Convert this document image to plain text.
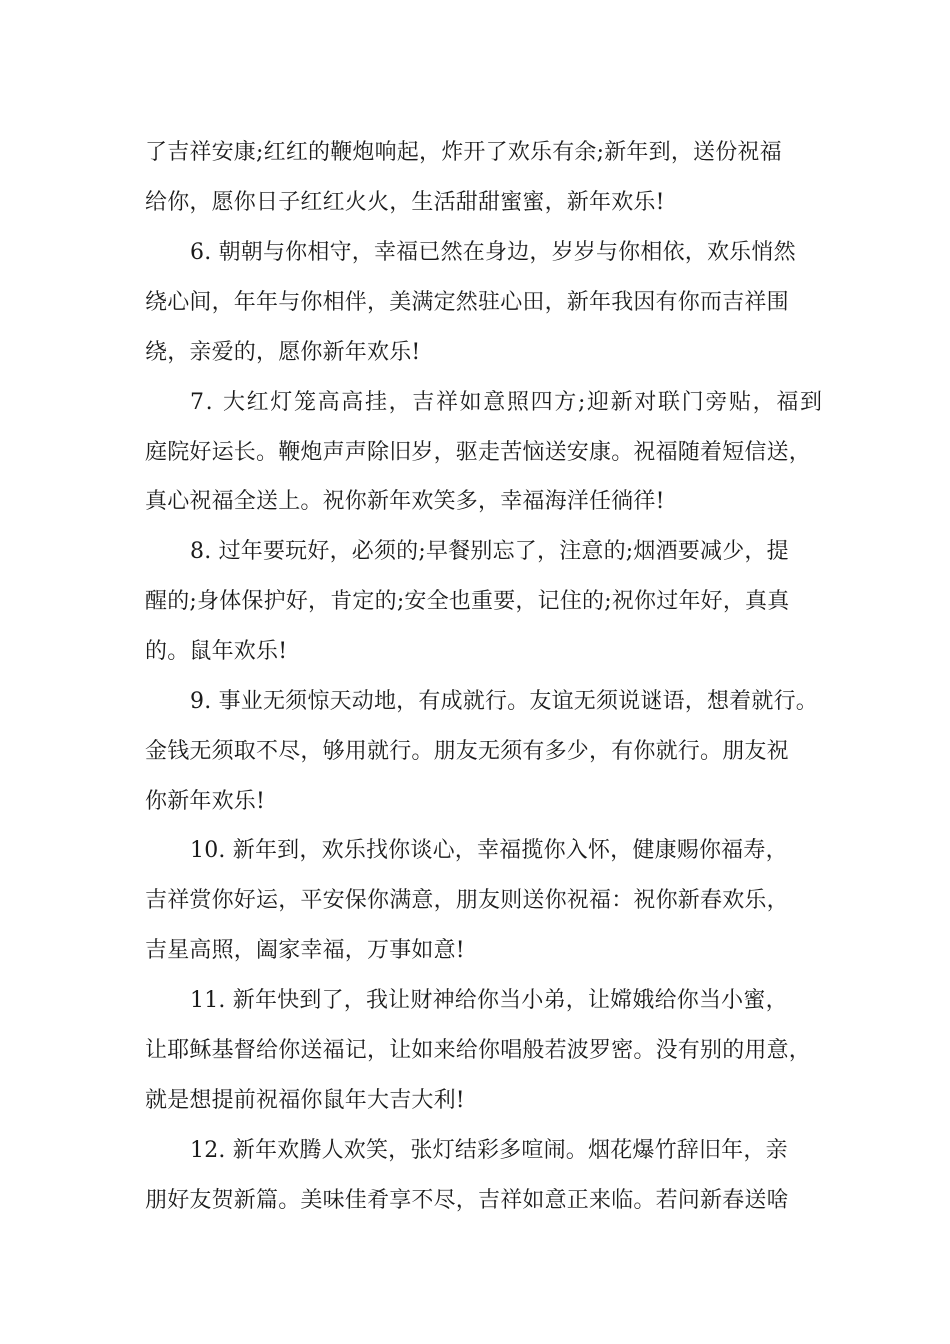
了吉祥安康;红红的鞭炮响起，炸开了欢乐有余;新年到，送份祝福
给你，愿你日子红红火火，生活甜甜蜜蜜，新年欢乐!
6. 朝朝与你相守，幸福已然在身边，岁岁与你相依，欢乐悄然
绕心间，年年与你相伴，美满定然驻心田，新年我因有你而吉祥围
绕，亲爱的，愿你新年欢乐!
7. 大红灯笼高高挂，吉祥如意照四方;迎新对联门旁贴，福到
庭院好运长。鞭炮声声除旧岁，驱走苦恼送安康。祝福随着短信送，
真心祝福全送上。祝你新年欢笑多，幸福海洋任徜徉!
8. 过年要玩好，必须的;早餐别忘了，注意的;烟酒要减少，提
醒的;身体保护好，肯定的;安全也重要，记住的;祝你过年好，真真
的。鼠年欢乐!
9. 事业无须惊天动地，有成就行。友谊无须说谜语，想着就行。
金钱无须取不尽，够用就行。朋友无须有多少，有你就行。朋友祝
你新年欢乐!
10. 新年到，欢乐找你谈心，幸福揽你入怀，健康赐你福寿，
吉祥赏你好运，平安保你满意，朋友则送你祝福：祝你新春欢乐，
吉星高照，阖家幸福，万事如意!
11. 新年快到了，我让财神给你当小弟，让嫦娥给你当小蜜，
让耶稣基督给你送福记，让如来给你唱般若波罗密。没有别的用意，
就是想提前祝福你鼠年大吉大利!
12. 新年欢腾人欢笑，张灯结彩多喧闹。烟花爆竹辞旧年，亲
朋好友贺新篇。美味佳肴享不尽，吉祥如意正来临。若问新春送啥
